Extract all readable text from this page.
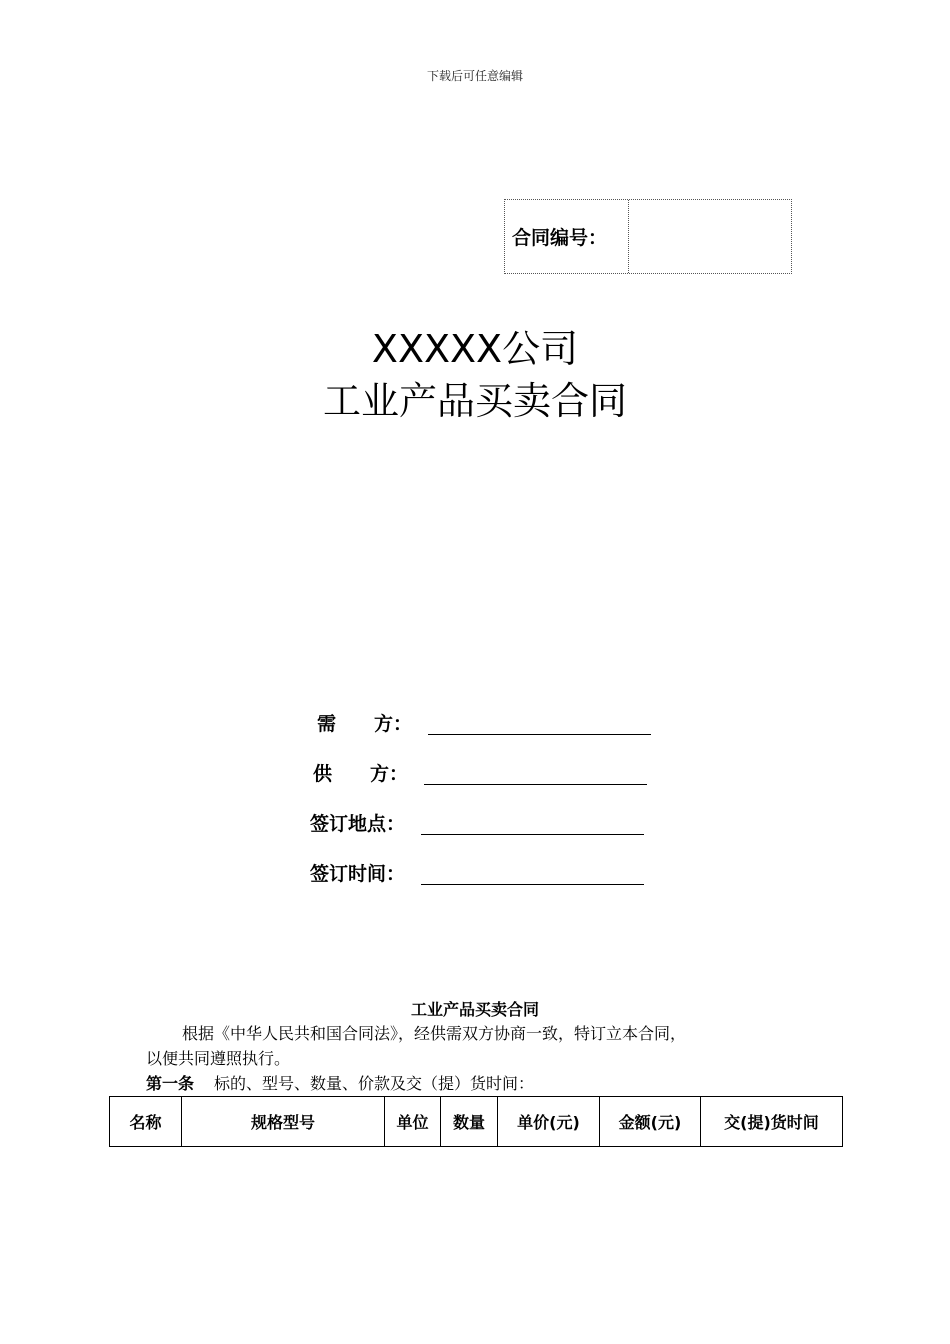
下载后可任意编辑
合同编号：
XXXXX公司
工业产品买卖合同
需　　方：
供　　方：
签订地点：
签订时间：
工业产品买卖合同
根据《中华人民共和国合同法》，经供需双方协商一致，特订立本合同，
以便共同遵照执行。
第一条 标的、型号、数量、价款及交（提）货时间：
名称	规格型号	单位	数量	单价(元)	金额(元)	交(提)货时间
